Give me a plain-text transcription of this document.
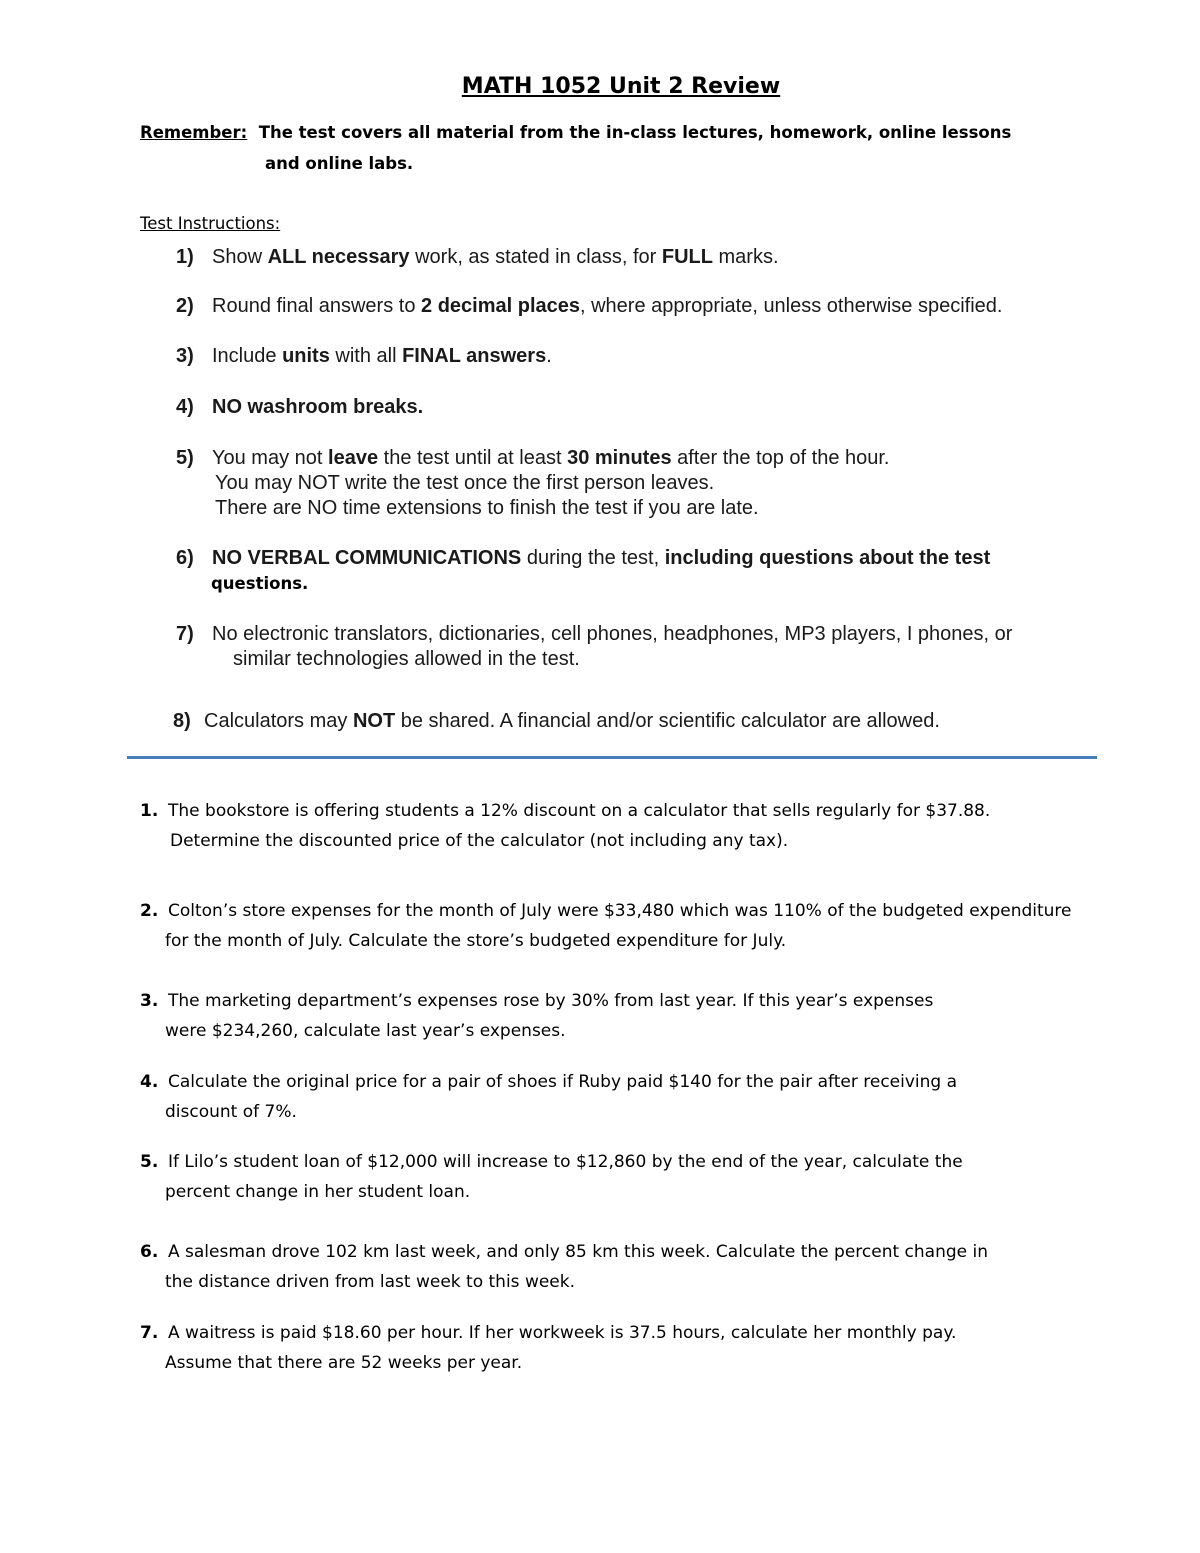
MATH 1052 Unit 2 Review
Remember: The test covers all material from the in-class lectures, homework, online lessons
and online labs.
Test Instructions:
1) Show ALL necessary work, as stated in class, for FULL marks.
2) Round final answers to 2 decimal places, where appropriate, unless otherwise specified.
3) Include units with all FINAL answers.
4) NO washroom breaks.
5) You may not leave the test until at least 30 minutes after the top of the hour.
You may NOT write the test once the first person leaves.
There are NO time extensions to finish the test if you are late.
6) NO VERBAL COMMUNICATIONS during the test, including questions about the test
questions.
7) No electronic translators, dictionaries, cell phones, headphones, MP3 players, I phones, or
similar technologies allowed in the test.
8) Calculators may NOT be shared. A financial and/or scientific calculator are allowed.
1. The bookstore is offering students a 12% discount on a calculator that sells regularly for $37.88.
Determine the discounted price of the calculator (not including any tax).
2. Colton’s store expenses for the month of July were $33,480 which was 110% of the budgeted expenditure
for the month of July. Calculate the store’s budgeted expenditure for July.
3. The marketing department’s expenses rose by 30% from last year. If this year’s expenses
were $234,260, calculate last year’s expenses.
4. Calculate the original price for a pair of shoes if Ruby paid $140 for the pair after receiving a
discount of 7%.
5. If Lilo’s student loan of $12,000 will increase to $12,860 by the end of the year, calculate the
percent change in her student loan.
6. A salesman drove 102 km last week, and only 85 km this week. Calculate the percent change in
the distance driven from last week to this week.
7. A waitress is paid $18.60 per hour. If her workweek is 37.5 hours, calculate her monthly pay.
Assume that there are 52 weeks per year.
